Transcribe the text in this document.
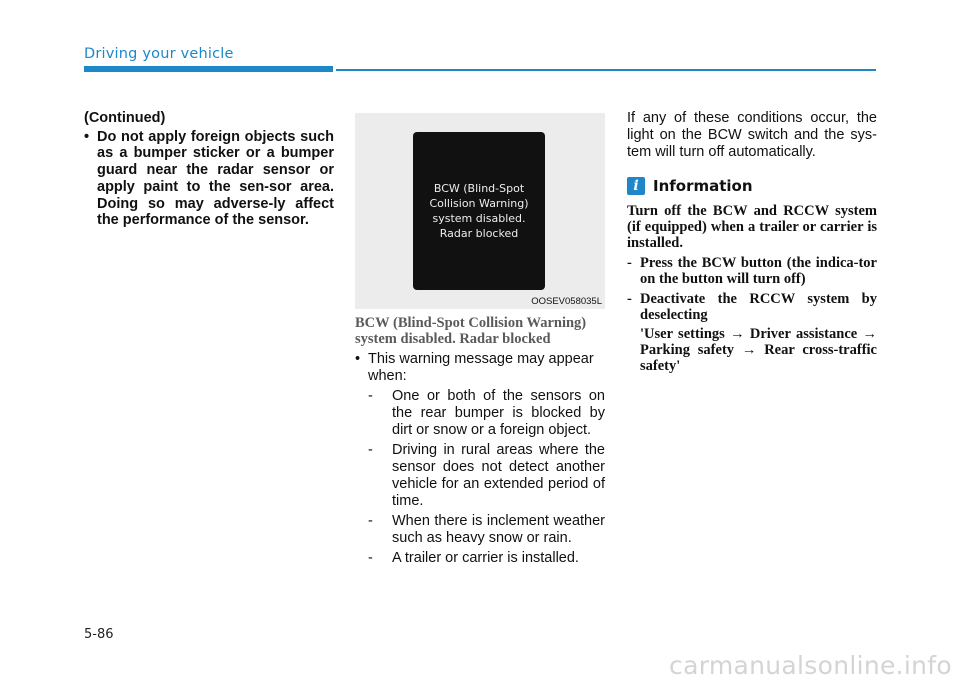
Driving your vehicle
(Continued)
• Do not apply foreign objects such as a bumper sticker or a bumper guard near the radar sensor or apply paint to the sen-sor area. Doing so may adverse-ly affect the performance of the sensor.
BCW (Blind-Spot
Collision Warning)
system disabled.
Radar blocked
OOSEV058035L
BCW (Blind-Spot Collision Warning) system disabled. Radar blocked
• This warning message may appear when:
- One or both of the sensors on the rear bumper is blocked by dirt or snow or a foreign object.
- Driving in rural areas where the sensor does not detect another vehicle for an extended period of time.
- When there is inclement weather such as heavy snow or rain.
- A trailer or carrier is installed.

If any of these conditions occur, the light on the BCW switch and the sys-tem will turn off automatically.

i Information

Turn off the BCW and RCCW system (if equipped) when a trailer or carrier is installed.

- Press the BCW button (the indica-tor on the button will turn off)
- Deactivate the RCCW system by deselecting
'User settings → Driver assistance → Parking safety → Rear cross-traffic safety'
5-86
carmanualsonline.info
